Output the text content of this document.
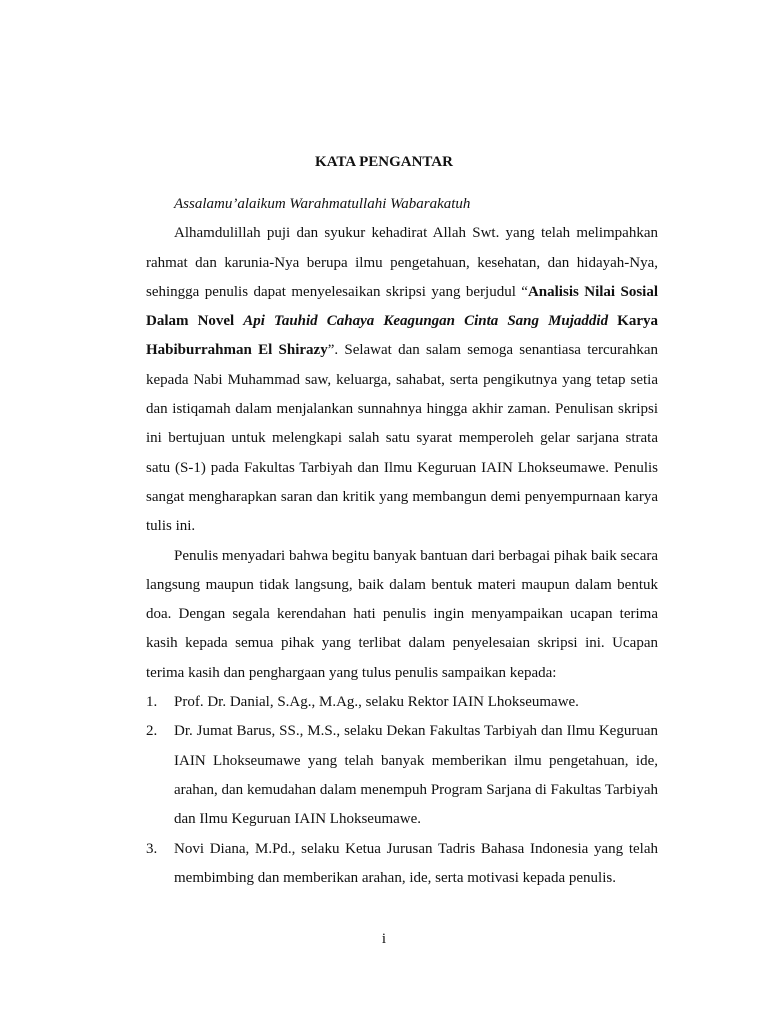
KATA PENGANTAR

Assalamu’alaikum Warahmatullahi Wabarakatuh

Alhamdulillah puji dan syukur kehadirat Allah Swt. yang telah melimpahkan rahmat dan karunia-Nya berupa ilmu pengetahuan, kesehatan, dan hidayah-Nya, sehingga penulis dapat menyelesaikan skripsi yang berjudul “Analisis Nilai Sosial Dalam Novel Api Tauhid Cahaya Keagungan Cinta Sang Mujaddid Karya Habiburrahman El Shirazy”. Selawat dan salam semoga senantiasa tercurahkan kepada Nabi Muhammad saw, keluarga, sahabat, serta pengikutnya yang tetap setia dan istiqamah dalam menjalankan sunnahnya hingga akhir zaman. Penulisan skripsi ini bertujuan untuk melengkapi salah satu syarat memperoleh gelar sarjana strata satu (S-1) pada Fakultas Tarbiyah dan Ilmu Keguruan IAIN Lhokseumawe. Penulis sangat mengharapkan saran dan kritik yang membangun demi penyempurnaan karya tulis ini.

Penulis menyadari bahwa begitu banyak bantuan dari berbagai pihak baik secara langsung maupun tidak langsung, baik dalam bentuk materi maupun dalam bentuk doa. Dengan segala kerendahan hati penulis ingin menyampaikan ucapan terima kasih kepada semua pihak yang terlibat dalam penyelesaian skripsi ini. Ucapan terima kasih dan penghargaan yang tulus penulis sampaikan kepada:

1. Prof. Dr. Danial, S.Ag., M.Ag., selaku Rektor IAIN Lhokseumawe.
2. Dr. Jumat Barus, SS., M.S., selaku Dekan Fakultas Tarbiyah dan Ilmu Keguruan IAIN Lhokseumawe yang telah banyak memberikan ilmu pengetahuan, ide, arahan, dan kemudahan dalam menempuh Program Sarjana di Fakultas Tarbiyah dan Ilmu Keguruan IAIN Lhokseumawe.
3. Novi Diana, M.Pd., selaku Ketua Jurusan Tadris Bahasa Indonesia yang telah membimbing dan memberikan arahan, ide, serta motivasi kepada penulis.
i
